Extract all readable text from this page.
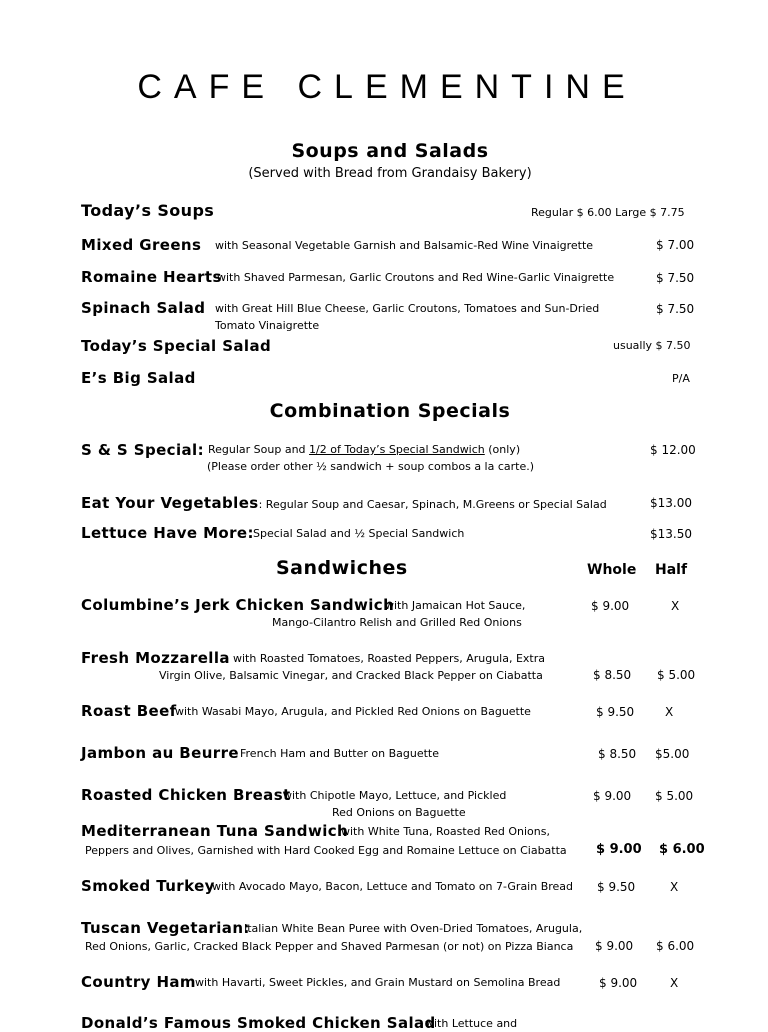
CAFE CLEMENTINE
Soups and Salads
(Served with Bread from Grandaisy Bakery)
Today’s Soups	Regular $ 6.00 Large $ 7.75
Mixed Greens with Seasonal Vegetable Garnish and Balsamic-Red Wine Vinaigrette	$ 7.00
Romaine Hearts
with Shaved Parmesan, Garlic Croutons and Red Wine-Garlic Vinaigrette	$ 7.50
Spinach Salad with Great Hill Blue Cheese, Garlic Croutons, Tomatoes and Sun-Dried
Tomato Vinaigrette
$ 7.50
Today’s Special Salad	usually $ 7.50
E’s Big Salad	P/A
Combination Specials
S & S Special: Regular Soup and 1/2 of Today’s Special Sandwich (only)
(Please order other ½ sandwich + soup combos a la carte.)
$ 12.00
Eat Your Vegetables: Regular Soup and Caesar, Spinach, M.Greens or Special Salad	$13.00
Lettuce Have More: Special Salad and ½ Special Sandwich	$13.50
Sandwiches	Whole Half
Columbine’s Jerk Chicken Sandwich
with Jamaican Hot Sauce,
Mango-Cilantro Relish and Grilled Red Onions
$ 9.00	X
Fresh Mozzarella with Roasted Tomatoes, Roasted Peppers, Arugula, Extra
Virgin Olive, Balsamic Vinegar, and Cracked Black Pepper on Ciabatta	$ 8.50 $ 5.00
Roast Beef
with Wasabi Mayo, Arugula, and Pickled Red Onions on Baguette	$ 9.50	X
Jambon au Beurre French Ham and Butter on Baguette	$ 8.50 $5.00
Roasted Chicken Breast
with Chipotle Mayo, Lettuce, and Pickled
Red Onions on Baguette
$ 9.00 $ 5.00
Mediterranean Tuna Sandwich
with White Tuna, Roasted Red Onions,
Peppers and Olives, Garnished with Hard Cooked Egg and Romaine Lettuce on Ciabatta $ 9.00 $ 6.00
Smoked Turkey
with Avocado Mayo, Bacon, Lettuce and Tomato on 7-Grain Bread $ 9.50	X
Tuscan Vegetarian:
Italian White Bean Puree with Oven-Dried Tomatoes, Arugula,
Red Onions, Garlic, Cracked Black Pepper and Shaved Parmesan (or not) on Pizza Bianca $ 9.00 $ 6.00
Country Ham with Havarti, Sweet Pickles, and Grain Mustard on Semolina Bread	$ 9.00	X
Donald’s Famous Smoked Chicken Salad
with Lettuce and
